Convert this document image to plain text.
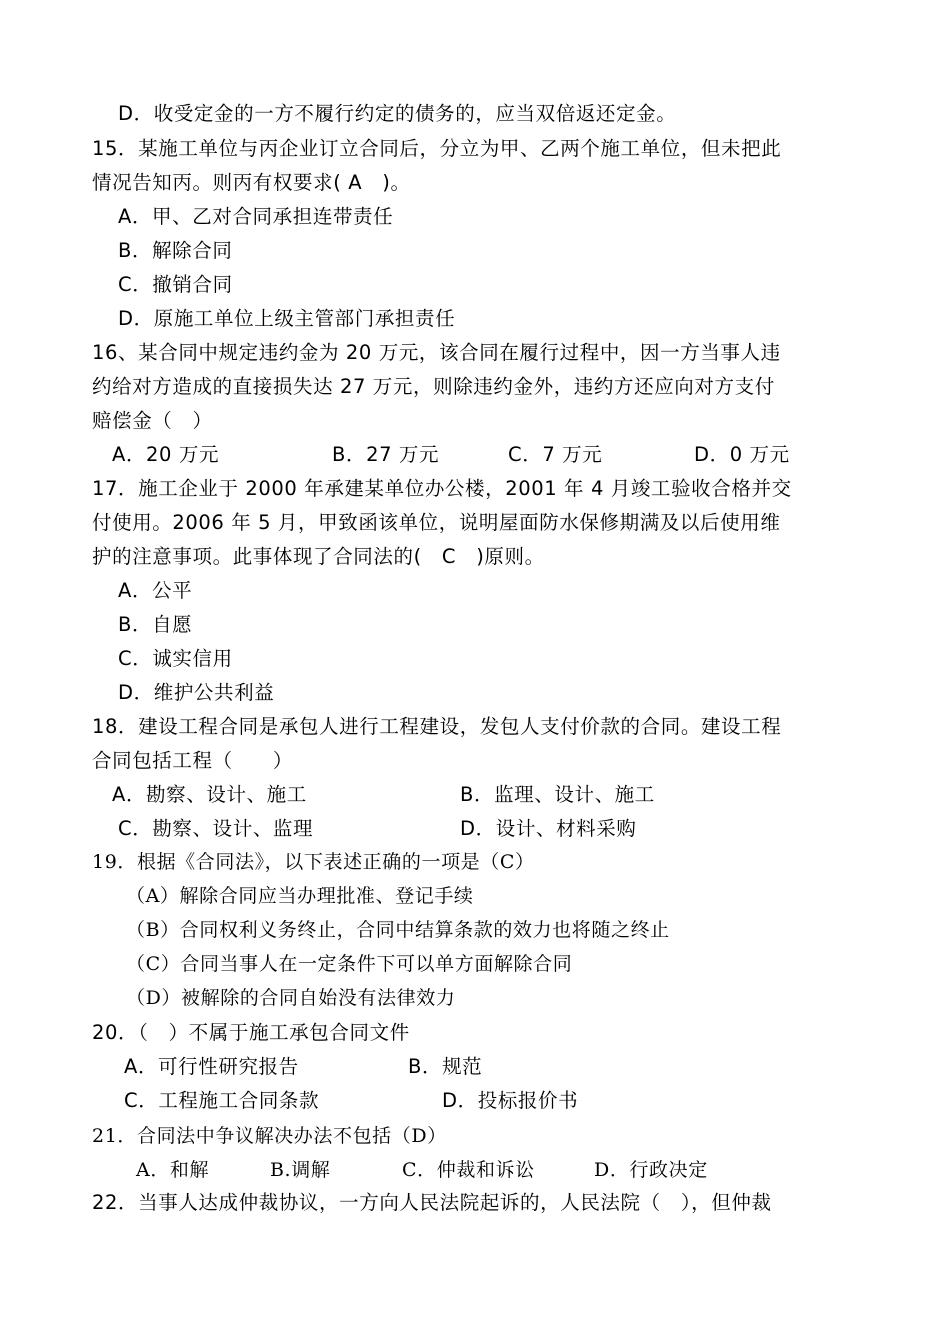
D．收受定金的一方不履行约定的债务的，应当双倍返还定金。
15．某施工单位与丙企业订立合同后，分立为甲、乙两个施工单位，但未把此
情况告知丙。则丙有权要求( A　)。
A．甲、乙对合同承担连带责任
B．解除合同
C．撤销合同
D．原施工单位上级主管部门承担责任
16、某合同中规定违约金为 20 万元，该合同在履行过程中，因一方当事人违
约给对方造成的直接损失达 27 万元，则除违约金外，违约方还应向对方支付
赔偿金（　）
A．20 万元	B．27 万元	C．7 万元	D．0 万元
17．施工企业于 2000 年承建某单位办公楼，2001 年 4 月竣工验收合格并交
付使用。2006 年 5 月，甲致函该单位，说明屋面防水保修期满及以后使用维
护的注意事项。此事体现了合同法的(　C　)原则。
A．公平
B．自愿
C．诚实信用
D．维护公共利益
18．建设工程合同是承包人进行工程建设，发包人支付价款的合同。建设工程
合同包括工程（　　）
A．勘察、设计、施工	B．监理、设计、施工
C．勘察、设计、监理	D．设计、材料采购
19．根据《合同法》，以下表述正确的一项是（C）
（A）解除合同应当办理批准、登记手续
（B）合同权利义务终止，合同中结算条款的效力也将随之终止
（C）合同当事人在一定条件下可以单方面解除合同
（D）被解除的合同自始没有法律效力
20．（　）不属于施工承包合同文件
A．可行性研究报告	B．规范
C．工程施工合同条款	D．投标报价书
21．合同法中争议解决办法不包括（D）
A．和解	B.调解	C．仲裁和诉讼	D．行政决定
22．当事人达成仲裁协议，一方向人民法院起诉的，人民法院（　），但仲裁
